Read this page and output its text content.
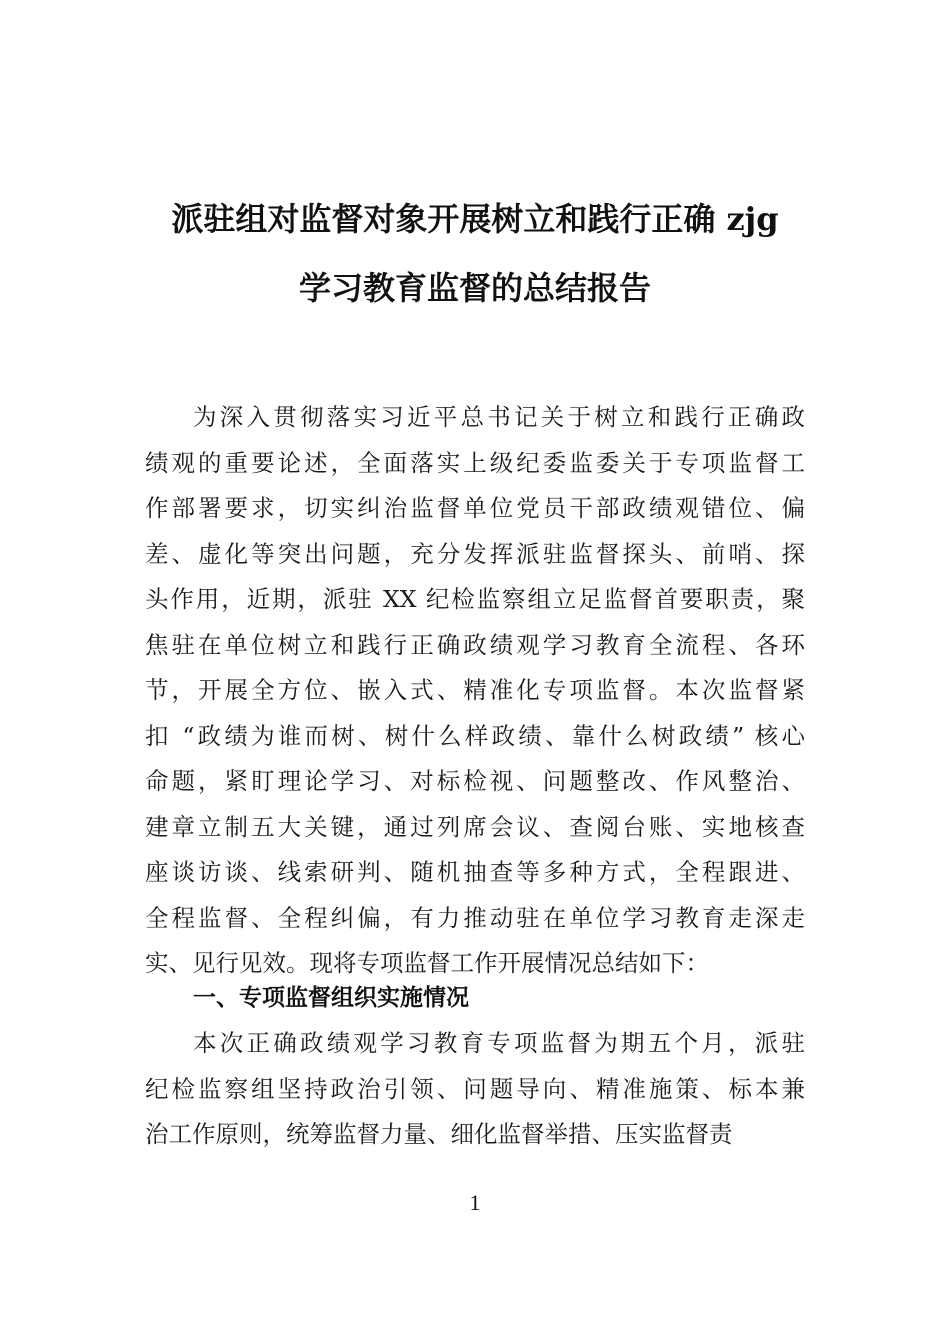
派驻组对监督对象开展树立和践行正确 zjg
学习教育监督的总结报告
为深入贯彻落实习近平总书记关于树立和践行正确政
绩观的重要论述，全面落实上级纪委监委关于专项监督工
作部署要求，切实纠治监督单位党员干部政绩观错位、偏
差、虚化等突出问题，充分发挥派驻监督探头、前哨、探
头作用，近期，派驻 XX 纪检监察组立足监督首要职责，聚
焦驻在单位树立和践行正确政绩观学习教育全流程、各环
节，开展全方位、嵌入式、精准化专项监督。本次监督紧
扣 “政绩为谁而树、树什么样政绩、靠什么树政绩” 核心
命题，紧盯理论学习、对标检视、问题整改、作风整治、
建章立制五大关键，通过列席会议、查阅台账、实地核查
座谈访谈、线索研判、随机抽查等多种方式，全程跟进、
全程监督、全程纠偏，有力推动驻在单位学习教育走深走
实、见行见效。现将专项监督工作开展情况总结如下：
一、专项监督组织实施情况
本次正确政绩观学习教育专项监督为期五个月，派驻
纪检监察组坚持政治引领、问题导向、精准施策、标本兼
治工作原则，统筹监督力量、细化监督举措、压实监督责
1
